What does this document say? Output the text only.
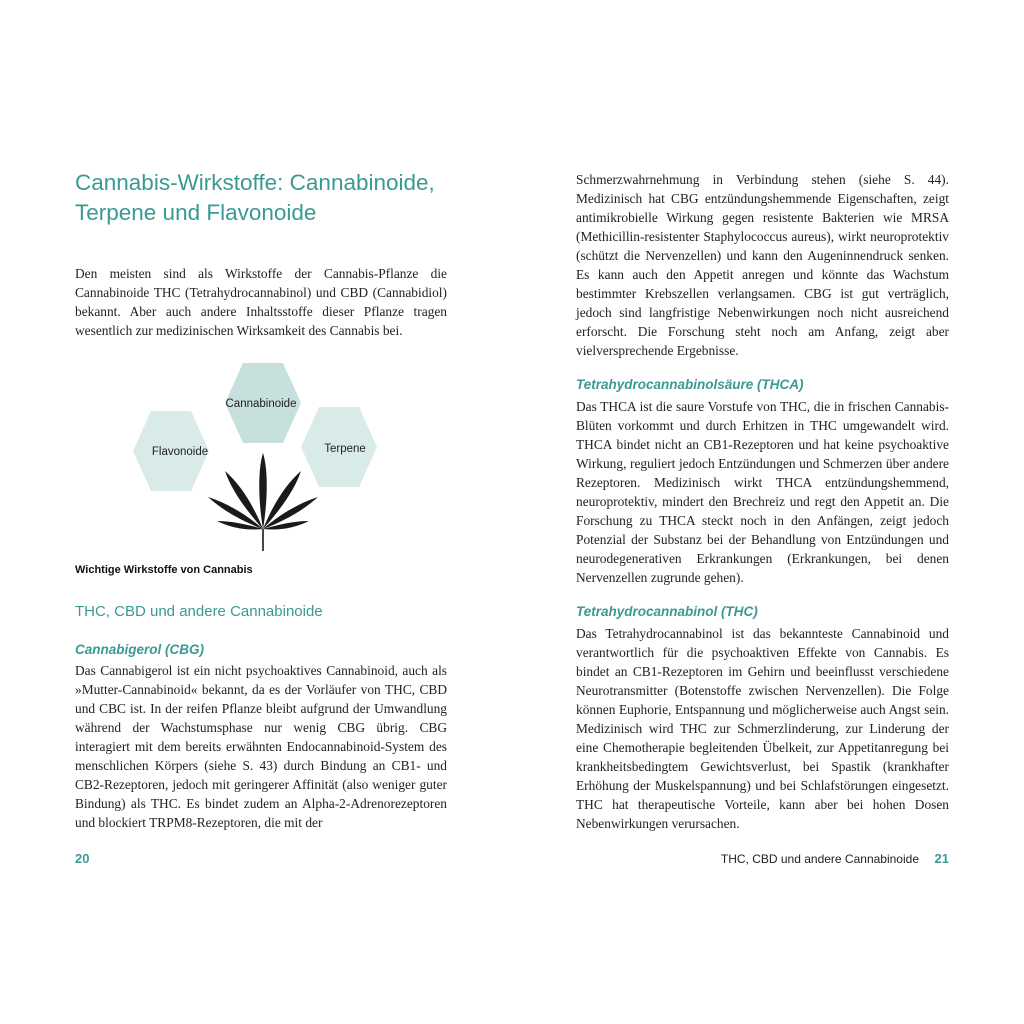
Cannabis-Wirkstoffe: Cannabinoide, Terpene und Flavonoide

Den meisten sind als Wirkstoffe der Cannabis-Pflanze die Cannabinoide THC (Tetrahydrocannabinol) und CBD (Cannabidiol) bekannt. Aber auch andere Inhaltsstoffe dieser Pflanze tragen wesentlich zur medizinischen Wirksamkeit des Cannabis bei.

Cannabinoide
Flavonoide	Terpene
Wichtige Wirkstoffe von Cannabis
THC, CBD und andere Cannabinoide
Cannabigerol (CBG)

Das Cannabigerol ist ein nicht psychoaktives Cannabinoid, auch als »Mutter-Cannabinoid« bekannt, da es der Vorläufer von THC, CBD und CBC ist. In der reifen Pflanze bleibt aufgrund der Umwandlung während der Wachstumsphase nur wenig CBG übrig. CBG interagiert mit dem bereits erwähnten Endocannabinoid-System des menschlichen Körpers (siehe S. 43) durch Bindung an CB1- und CB2-Rezeptoren, jedoch mit geringerer Affinität (also weniger guter Bindung) als THC. Es bindet zudem an Alpha-2-Adrenorezeptoren und blockiert TRPM8-Rezeptoren, die mit der

20

Schmerzwahrnehmung in Verbindung stehen (siehe S. 44). Medizinisch hat CBG entzündungshemmende Eigenschaften, zeigt antimikrobielle Wirkung gegen resistente Bakterien wie MRSA (Methicillin-resistenter Staphylococcus aureus), wirkt neuroprotektiv (schützt die Nervenzellen) und kann den Augeninnendruck senken. Es kann auch den Appetit anregen und könnte das Wachstum bestimmter Krebszellen verlangsamen. CBG ist gut verträglich, jedoch sind langfristige Nebenwirkungen noch nicht ausreichend erforscht. Die Forschung steht noch am Anfang, zeigt aber vielversprechende Ergebnisse.

Tetrahydrocannabinolsäure (THCA)

Das THCA ist die saure Vorstufe von THC, die in frischen Cannabis-Blüten vorkommt und durch Erhitzen in THC umgewandelt wird. THCA bindet nicht an CB1-Rezeptoren und hat keine psychoaktive Wirkung, reguliert jedoch Entzündungen und Schmerzen über andere Rezeptoren. Medizinisch wirkt THCA entzündungshemmend, neuroprotektiv, mindert den Brechreiz und regt den Appetit an. Die Forschung zu THCA steckt noch in den Anfängen, zeigt jedoch Potenzial der Substanz bei der Behandlung von Entzündungen und neurodegenerativen Erkrankungen (Erkrankungen, bei denen Nervenzellen zugrunde gehen).

Tetrahydrocannabinol (THC)

Das Tetrahydrocannabinol ist das bekannteste Cannabinoid und verantwortlich für die psychoaktiven Effekte von Cannabis. Es bindet an CB1-Rezeptoren im Gehirn und beeinflusst verschiedene Neurotransmitter (Botenstoffe zwischen Nervenzellen). Die Folge können Euphorie, Entspannung und möglicherweise auch Angst sein. Medizinisch wird THC zur Schmerzlinderung, zur Linderung der eine Chemotherapie begleitenden Übelkeit, zur Appetitanregung bei krankheitsbedingtem Gewichtsverlust, bei Spastik (krankhafter Erhöhung der Muskelspannung) und bei Schlafstörungen eingesetzt. THC hat therapeutische Vorteile, kann aber bei hohen Dosen Nebenwirkungen verursachen.

THC, CBD und andere Cannabinoide 21
